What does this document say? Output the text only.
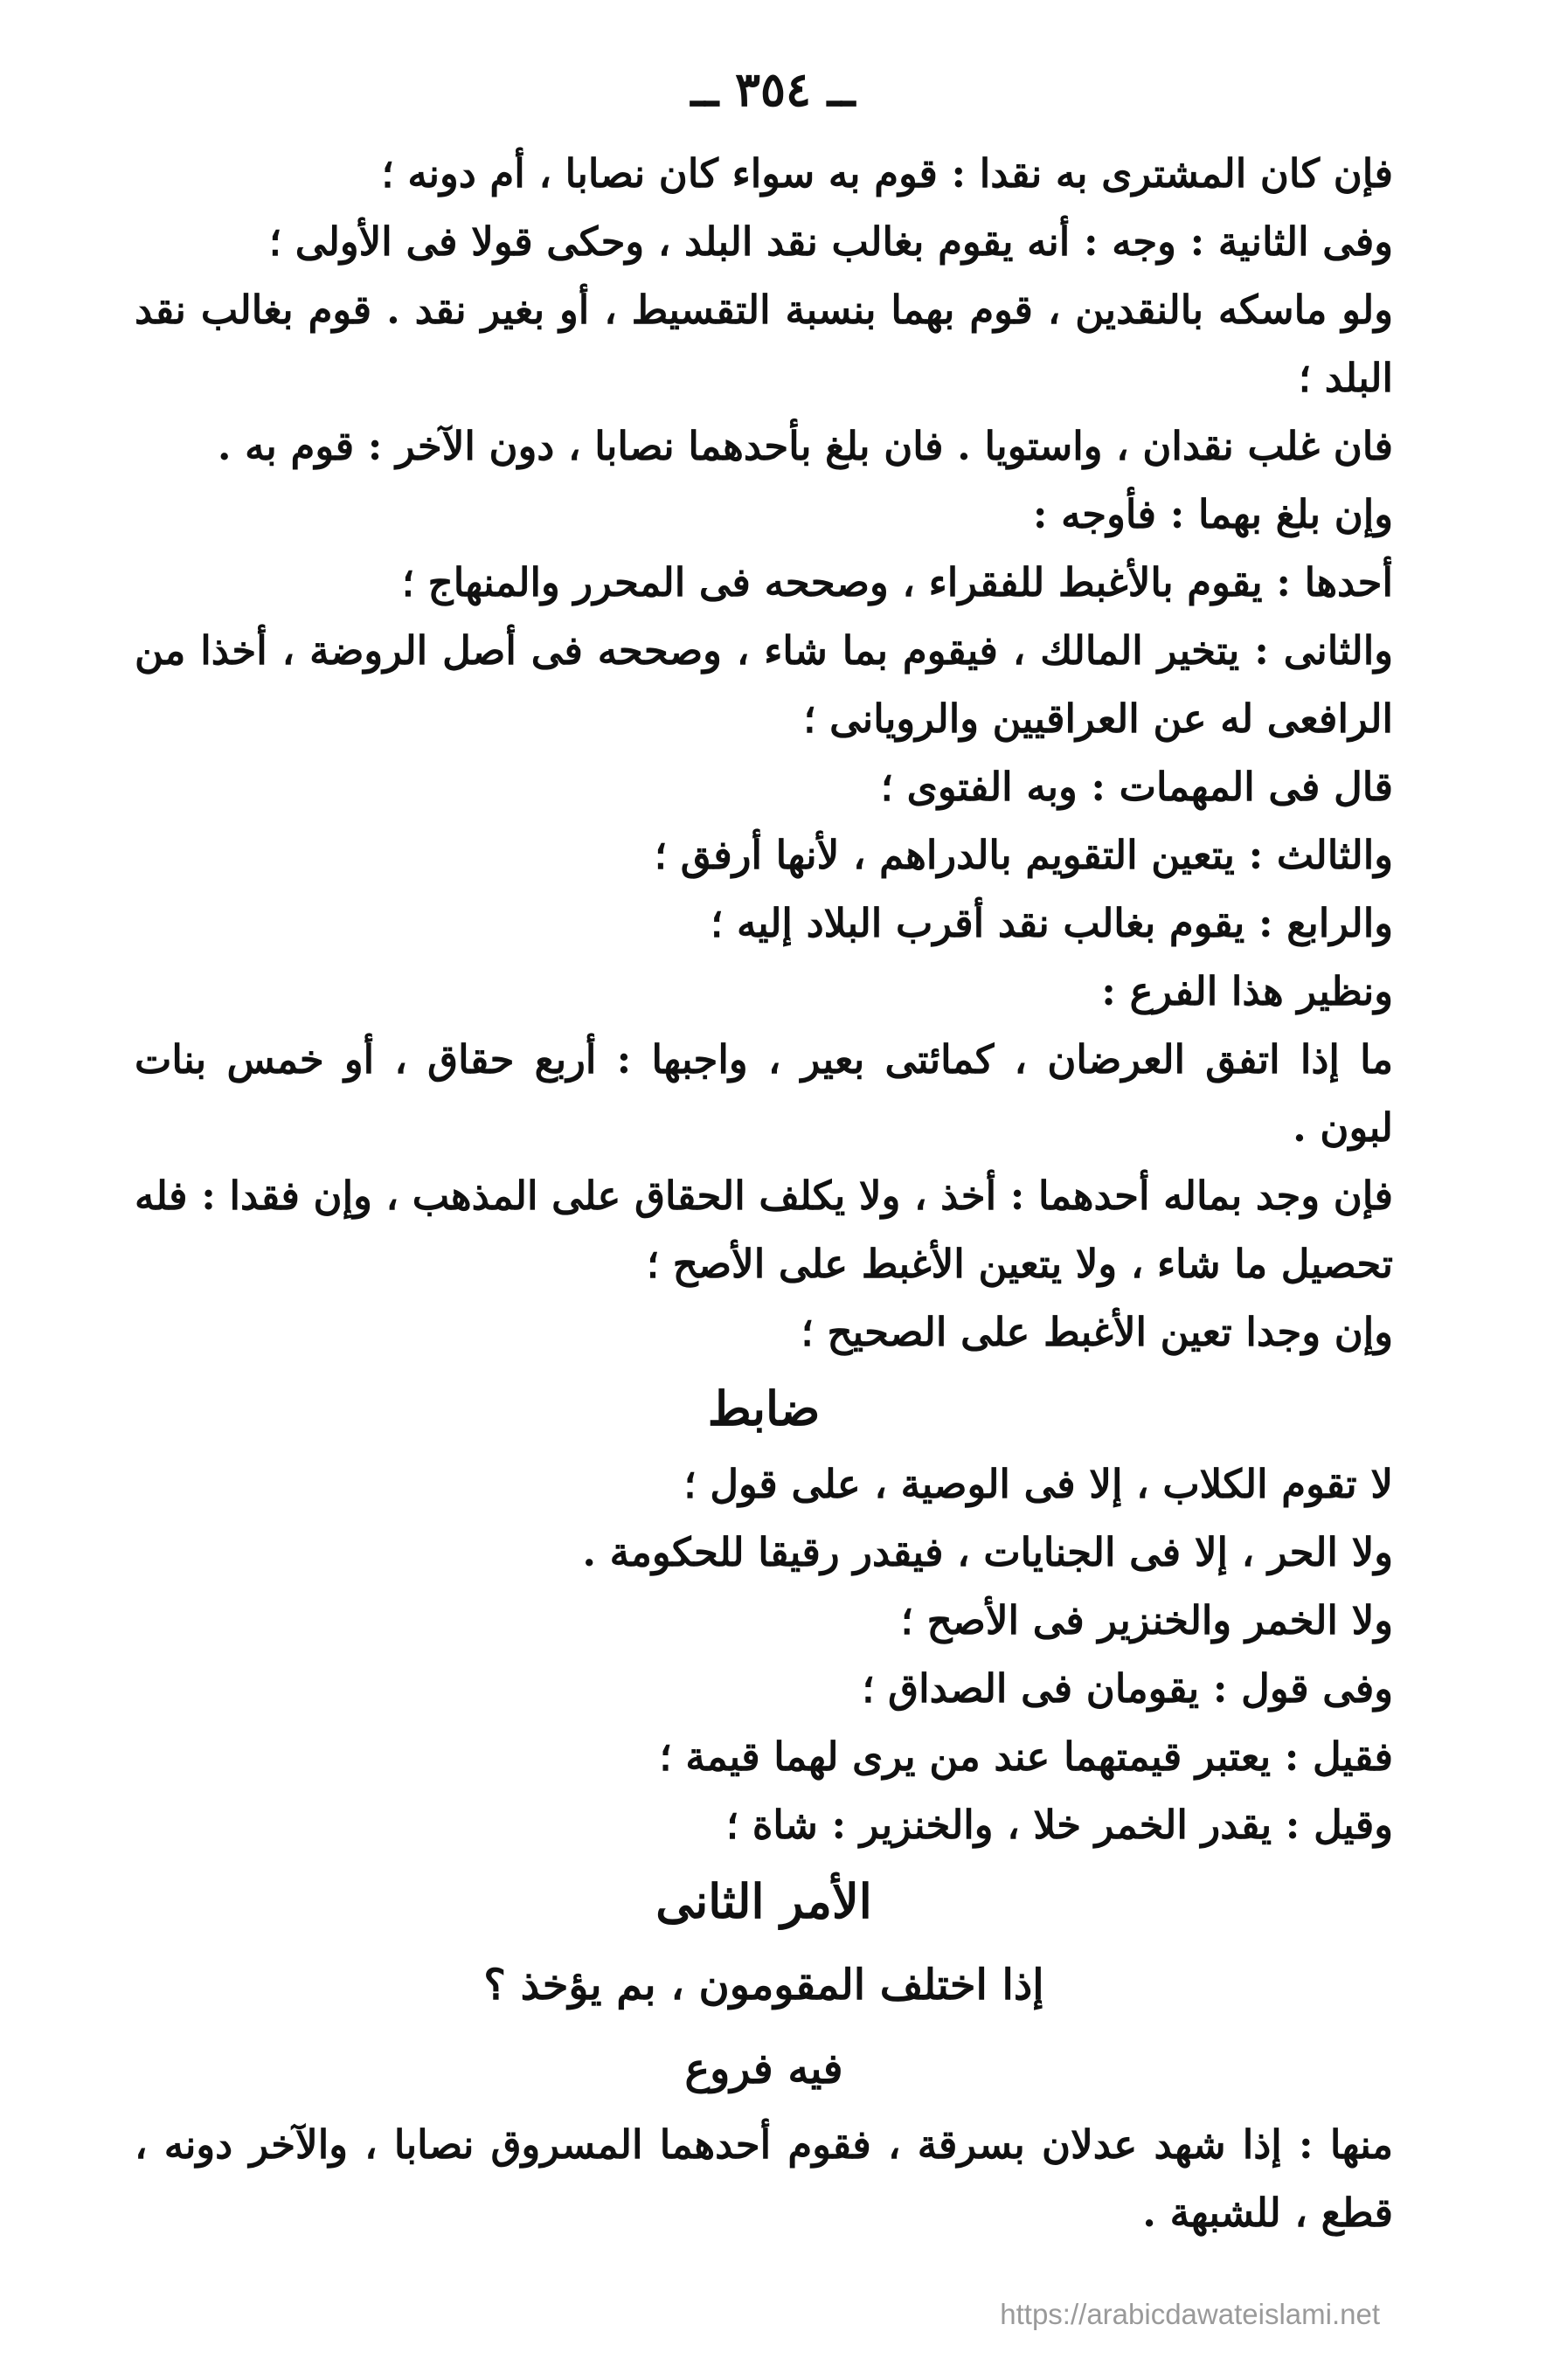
ــ ٣٥٤ ــ
فإن كان المشترى به نقدا : قوم به سواء كان نصابا ، أم دونه ؛
وفى الثانية : وجه : أنه يقوم بغالب نقد البلد ، وحكى قولا فى الأولى ؛
ولو ماسكه بالنقدين ، قوم بهما بنسبة التقسيط ، أو بغير نقد . قوم بغالب نقد
البلد ؛
فان غلب نقدان ، واستويا . فان بلغ بأحدهما نصابا ، دون الآخر : قوم به .
وإن بلغ بهما : فأوجه :
أحدها : يقوم بالأغبط للفقراء ، وصححه فى المحرر والمنهاج ؛
والثانى : يتخير المالك ، فيقوم بما شاء ، وصححه فى أصل الروضة ، أخذا من
الرافعى له عن العراقيين والرويانى ؛
قال فى المهمات : وبه الفتوى ؛
والثالث : يتعين التقويم بالدراهم ، لأنها أرفق ؛
والرابع : يقوم بغالب نقد أقرب البلاد إليه ؛
ونظير هذا الفرع :
ما إذا اتفق العرضان ، كمائتى بعير ، واجبها : أربع حقاق ، أو خمس بنات
لبون .
فإن وجد بماله أحدهما : أخذ ، ولا يكلف الحقاق على المذهب ، وإن فقدا : فله
تحصيل ما شاء ، ولا يتعين الأغبط على الأصح ؛
وإن وجدا تعين الأغبط على الصحيح ؛
ضابط
لا تقوم الكلاب ، إلا فى الوصية ، على قول ؛
ولا الحر ، إلا فى الجنايات ، فيقدر رقيقا للحكومة .
ولا الخمر والخنزير فى الأصح ؛
وفى قول : يقومان فى الصداق ؛
فقيل : يعتبر قيمتهما عند من يرى لهما قيمة ؛
وقيل : يقدر الخمر خلا ، والخنزير : شاة ؛
الأمر الثانى
إذا اختلف المقومون ، بم يؤخذ ؟
فيه فروع
منها : إذا شهد عدلان بسرقة ، فقوم أحدهما المسروق نصابا ، والآخر دونه ،
قطع ، للشبهة .
https://arabicdawateislami.net
